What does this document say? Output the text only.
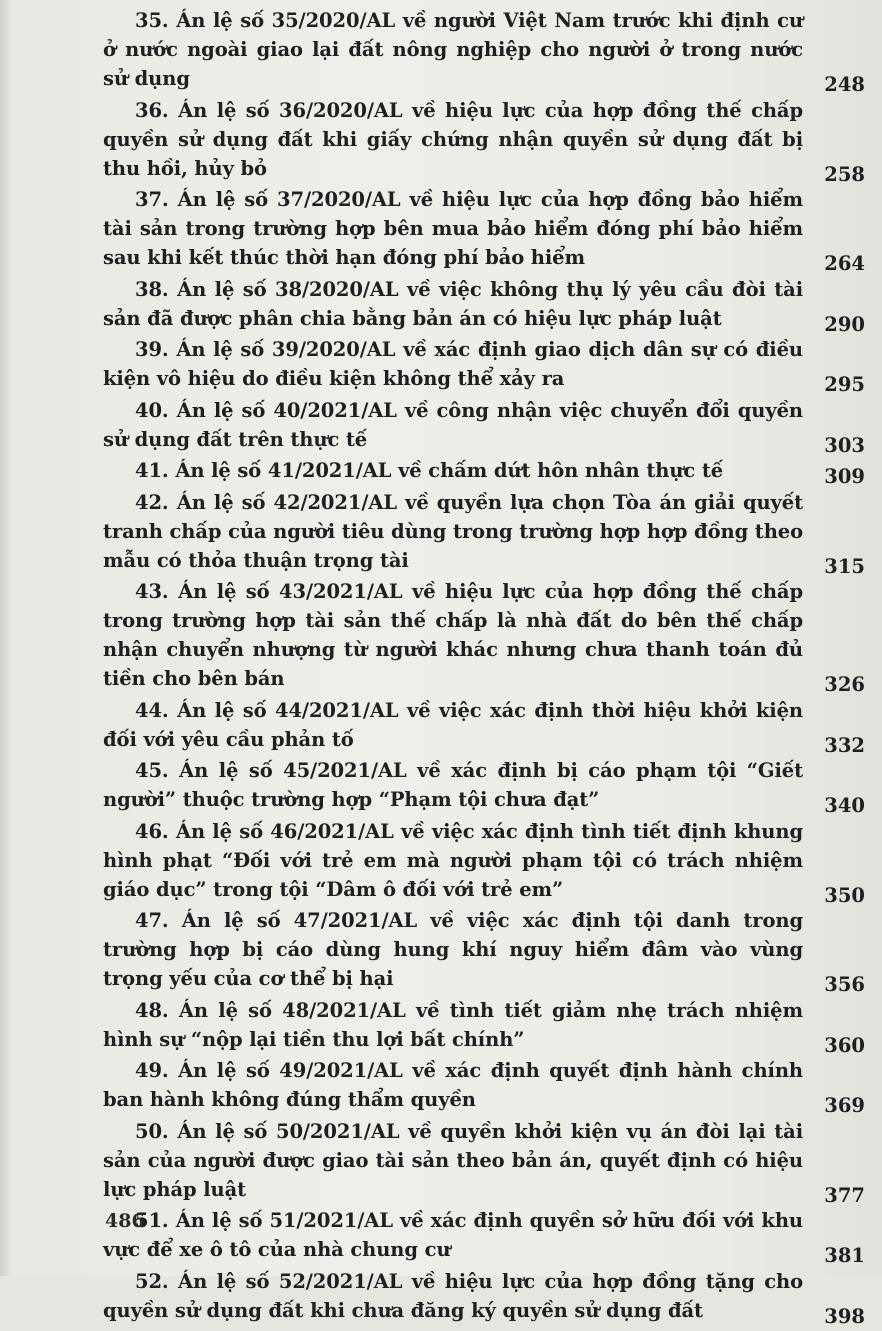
35. Án lệ số 35/2020/AL về người Việt Nam trước khi định cư ở nước ngoài giao lại đất nông nghiệp cho người ở trong nước sử dụng	248
36. Án lệ số 36/2020/AL về hiệu lực của hợp đồng thế chấp quyền sử dụng đất khi giấy chứng nhận quyền sử dụng đất bị thu hồi, hủy bỏ	258
37. Án lệ số 37/2020/AL về hiệu lực của hợp đồng bảo hiểm tài sản trong trường hợp bên mua bảo hiểm đóng phí bảo hiểm sau khi kết thúc thời hạn đóng phí bảo hiểm	264
38. Án lệ số 38/2020/AL về việc không thụ lý yêu cầu đòi tài sản đã được phân chia bằng bản án có hiệu lực pháp luật	290
39. Án lệ số 39/2020/AL về xác định giao dịch dân sự có điều kiện vô hiệu do điều kiện không thể xảy ra	295
40. Án lệ số 40/2021/AL về công nhận việc chuyển đổi quyền sử dụng đất trên thực tế	303
41. Án lệ số 41/2021/AL về chấm dứt hôn nhân thực tế	309
42. Án lệ số 42/2021/AL về quyền lựa chọn Tòa án giải quyết tranh chấp của người tiêu dùng trong trường hợp hợp đồng theo mẫu có thỏa thuận trọng tài	315
43. Án lệ số 43/2021/AL về hiệu lực của hợp đồng thế chấp trong trường hợp tài sản thế chấp là nhà đất do bên thế chấp nhận chuyển nhượng từ người khác nhưng chưa thanh toán đủ tiền cho bên bán	326
44. Án lệ số 44/2021/AL về việc xác định thời hiệu khởi kiện đối với yêu cầu phản tố	332
45. Án lệ số 45/2021/AL về xác định bị cáo phạm tội “Giết người” thuộc trường hợp “Phạm tội chưa đạt”	340
46. Án lệ số 46/2021/AL về việc xác định tình tiết định khung hình phạt “Đối với trẻ em mà người phạm tội có trách nhiệm giáo dục” trong tội “Dâm ô đối với trẻ em”	350
47. Án lệ số 47/2021/AL về việc xác định tội danh trong trường hợp bị cáo dùng hung khí nguy hiểm đâm vào vùng trọng yếu của cơ thể bị hại	356
48. Án lệ số 48/2021/AL về tình tiết giảm nhẹ trách nhiệm hình sự “nộp lại tiền thu lợi bất chính”	360
49. Án lệ số 49/2021/AL về xác định quyết định hành chính ban hành không đúng thẩm quyền	369
50. Án lệ số 50/2021/AL về quyền khởi kiện vụ án đòi lại tài sản của người được giao tài sản theo bản án, quyết định có hiệu lực pháp luật	377
51. Án lệ số 51/2021/AL về xác định quyền sở hữu đối với khu vực để xe ô tô của nhà chung cư	381
52. Án lệ số 52/2021/AL về hiệu lực của hợp đồng tặng cho quyền sử dụng đất khi chưa đăng ký quyền sử dụng đất	398
486
